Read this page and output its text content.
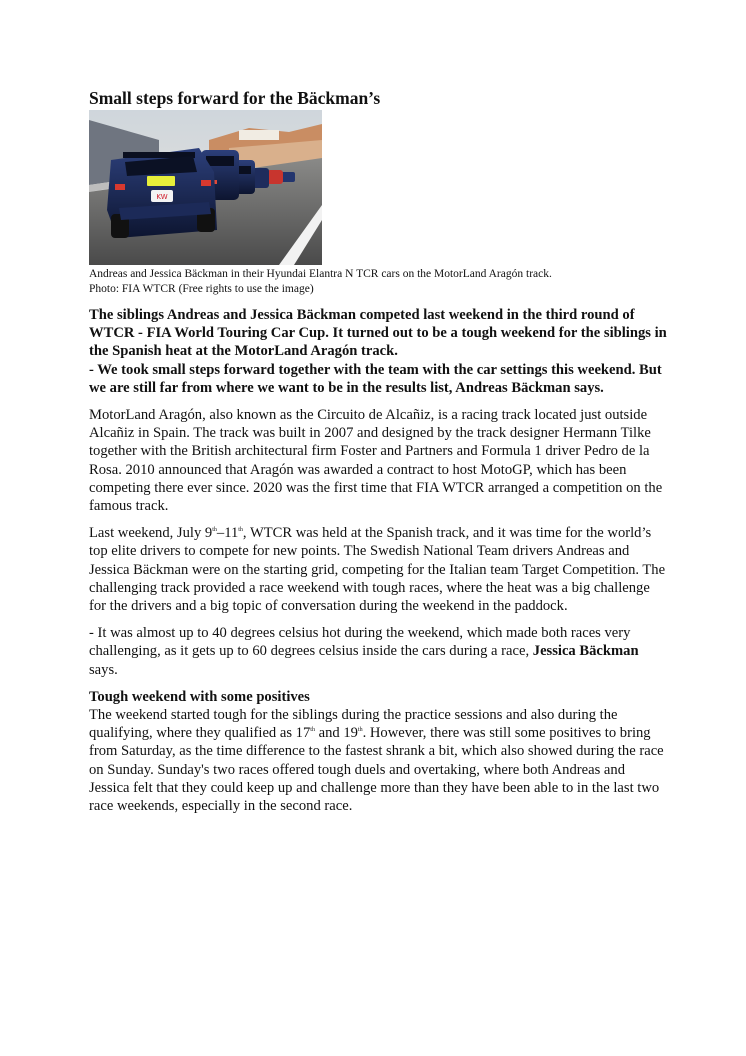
Small steps forward for the Bäckman’s
KW

Andreas and Jessica Bäckman in their Hyundai Elantra N TCR cars on the MotorLand Aragón track.
Photo: FIA WTCR (Free rights to use the image)

The siblings Andreas and Jessica Bäckman competed last weekend in the third round of WTCR - FIA World Touring Car Cup. It turned out to be a tough weekend for the siblings in the Spanish heat at the MotorLand Aragón track.
- We took small steps forward together with the team with the car settings this weekend. But we are still far from where we want to be in the results list, Andreas Bäckman says.

MotorLand Aragón, also known as the Circuito de Alcañiz, is a racing track located just outside Alcañiz in Spain. The track was built in 2007 and designed by the track designer Hermann Tilke together with the British architectural firm Foster and Partners and Formula 1 driver Pedro de la Rosa. 2010 announced that Aragón was awarded a contract to host MotoGP, which has been competing there ever since. 2020 was the first time that FIA WTCR arranged a competition on the famous track.

Last weekend, July 9th–11th, WTCR was held at the Spanish track, and it was time for the world’s top elite drivers to compete for new points. The Swedish National Team drivers Andreas and Jessica Bäckman were on the starting grid, competing for the Italian team Target Competition. The challenging track provided a race weekend with tough races, where the heat was a big challenge for the drivers and a big topic of conversation during the weekend in the paddock.

- It was almost up to 40 degrees celsius hot during the weekend, which made both races very challenging, as it gets up to 60 degrees celsius inside the cars during a race, Jessica Bäckman says.

Tough weekend with some positives

The weekend started tough for the siblings during the practice sessions and also during the qualifying, where they qualified as 17th and 19th. However, there was still some positives to bring from Saturday, as the time difference to the fastest shrank a bit, which also showed during the race on Sunday. Sunday's two races offered tough duels and overtaking, where both Andreas and Jessica felt that they could keep up and challenge more than they have been able to in the last two race weekends, especially in the second race.
